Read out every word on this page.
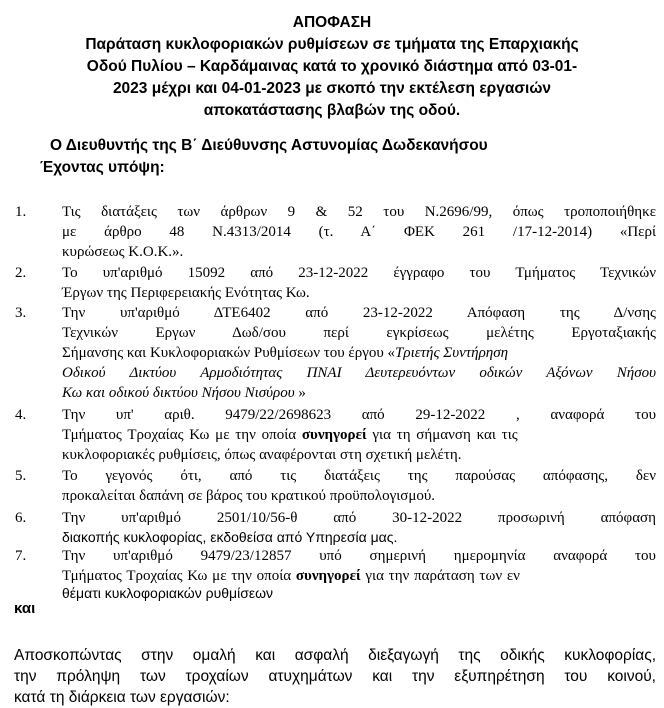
ΑΠΟΦΑΣΗ
Παράταση κυκλοφοριακών ρυθμίσεων σε τμήματα της Επαρχιακής
Οδού Πυλίου – Καρδάμαινας κατά το χρονικό διάστημα από 03-01-
2023 μέχρι και 04-01-2023 με σκοπό την εκτέλεση εργασιών
αποκατάστασης βλαβών της οδού.
Ο Διευθυντής της Β΄ Διεύθυνσης Αστυνομίας Δωδεκανήσου
Έχοντας υπόψη:
1. Τις διατάξεις των άρθρων 9 & 52 του Ν.2696/99, όπως τροποποιήθηκε
με άρθρο 48 Ν.4313/2014 (τ. Α΄ ΦΕΚ 261 /17-12-2014) «Περί
κυρώσεως Κ.Ο.Κ.».
2. Το υπ'αριθμό 15092 από 23-12-2022 έγγραφο του Τμήματος Τεχνικών
Έργων της Περιφερειακής Ενότητας Κω.
3. Την υπ'αριθμό ΔΤΕ6402 από 23-12-2022 Απόφαση της Δ/νσης
Τεχνικών Εργων Δωδ/σου περί εγκρίσεως μελέτης Εργοταξιακής
Σήμανσης και Κυκλοφοριακών Ρυθμίσεων του έργου «Τριετής Συντήρηση
Οδικού Δικτύου Αρμοδιότητας ΠΝΑΙ Δευτερευόντων οδικών Αξόνων Νήσου
Κω και οδικού δικτύου Νήσου Νισύρου »
4. Την υπ' αριθ. 9479/22/2698623 από 29-12-2022 , αναφορά του
Τμήματος Τροχαίας Κω με την οποία συνηγορεί για τη σήμανση και τις
κυκλοφοριακές ρυθμίσεις, όπως αναφέρονται στη σχετική μελέτη.
5. Το γεγονός ότι, από τις διατάξεις της παρούσας απόφασης, δεν
προκαλείται δαπάνη σε βάρος του κρατικού προϋπολογισμού.
6. Την υπ'αριθμό 2501/10/56-θ από 30-12-2022 προσωρινή απόφαση
διακοπής κυκλοφορίας, εκδοθείσα από Υπηρεσία μας.
7. Την υπ'αριθμό 9479/23/12857 υπό σημερινή ημερομηνία αναφορά του
Τμήματος Τροχαίας Κω με την οποία συνηγορεί για την παράταση των εν
θέματι κυκλοφοριακών ρυθμίσεων
και
Αποσκοπώντας στην ομαλή και ασφαλή διεξαγωγή της οδικής κυκλοφορίας,
την πρόληψη των τροχαίων ατυχημάτων και την εξυπηρέτηση του κοινού,
κατά τη διάρκεια των εργασιών:
